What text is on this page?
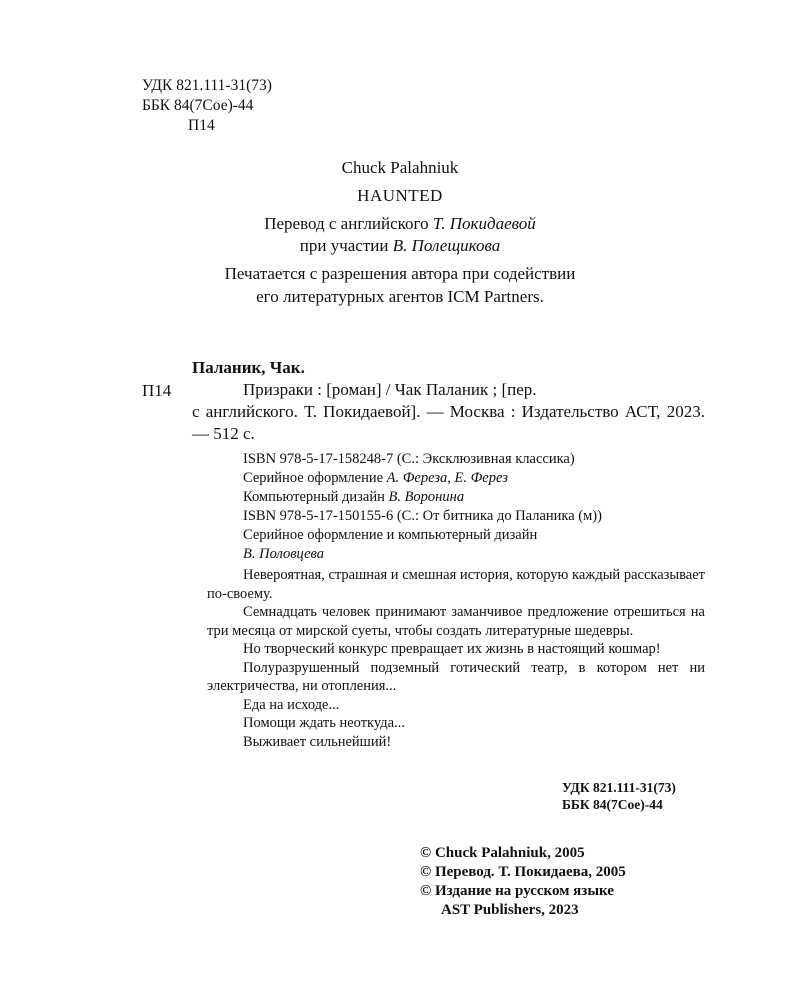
УДК 821.111-31(73)
ББК 84(7Сое)-44
П14
Chuck Palahniuk
HAUNTED
Перевод с английского Т. Покидаевой
при участии В. Полещикова
Печатается с разрешения автора при содействии
его литературных агентов ICM Partners.
Паланик, Чак.
П14	Призраки : [роман] / Чак Паланик ; [пер.
с английского. Т. Покидаевой]. — Москва : Издательство АСТ, 2023. — 512 с.
ISBN 978-5-17-158248-7 (С.: Эксклюзивная классика)
Серийное оформление А. Фереза, Е. Ферез
Компьютерный дизайн В. Воронина
ISBN 978-5-17-150155-6 (С.: От битника до Паланика (м))
Серийное оформление и компьютерный дизайн
В. Половцева

Невероятная, страшная и смешная история, которую каждый рассказывает по-своему.

Семнадцать человек принимают заманчивое предложение отрешиться на три месяца от мирской суеты, чтобы создать литературные шедевры.

Но творческий конкурс превращает их жизнь в настоящий кошмар!

Полуразрушенный подземный готический театр, в котором нет ни электричества, ни отопления...

Еда на исходе...

Помощи ждать неоткуда...

Выживает сильнейший!

УДК 821.111-31(73)
ББК 84(7Сое)-44
© Chuck Palahniuk, 2005
© Перевод. Т. Покидаева, 2005
© Издание на русском языке
AST Publishers, 2023
